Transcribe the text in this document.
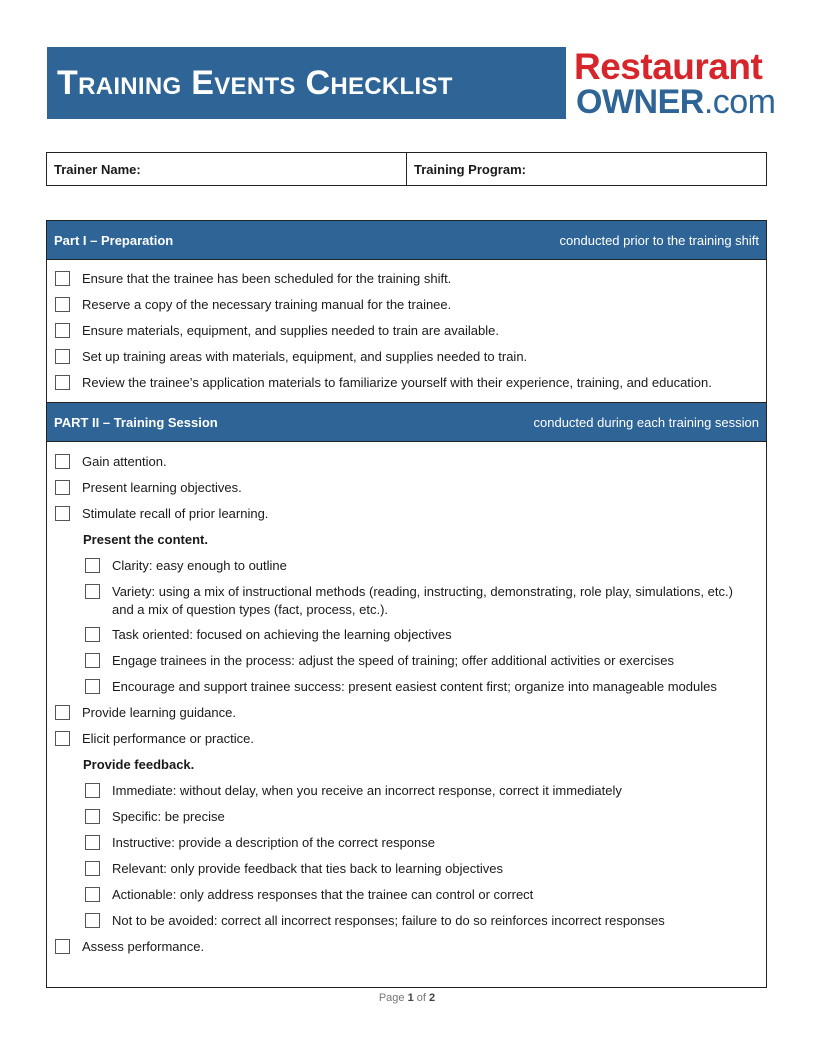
Training Events Checklist	Restaurant
OWNER.com
Trainer Name:	Training Program:
Part I – Preparation	conducted prior to the training shift
Ensure that the trainee has been scheduled for the training shift.
Reserve a copy of the necessary training manual for the trainee.
Ensure materials, equipment, and supplies needed to train are available.
Set up training areas with materials, equipment, and supplies needed to train.
Review the trainee’s application materials to familiarize yourself with their experience, training, and education.
PART II – Training Session	conducted during each training session
Gain attention.
Present learning objectives.
Stimulate recall of prior learning.
Present the content.
Clarity: easy enough to outline
Variety: using a mix of instructional methods (reading, instructing, demonstrating, role play, simulations, etc.) and a mix of question types (fact, process, etc.).
Task oriented: focused on achieving the learning objectives
Engage trainees in the process: adjust the speed of training; offer additional activities or exercises
Encourage and support trainee success: present easiest content first; organize into manageable modules
Provide learning guidance.
Elicit performance or practice.
Provide feedback.
Immediate: without delay, when you receive an incorrect response, correct it immediately
Specific: be precise
Instructive: provide a description of the correct response
Relevant: only provide feedback that ties back to learning objectives
Actionable: only address responses that the trainee can control or correct
Not to be avoided: correct all incorrect responses; failure to do so reinforces incorrect responses
Assess performance.
Page 1 of 2
